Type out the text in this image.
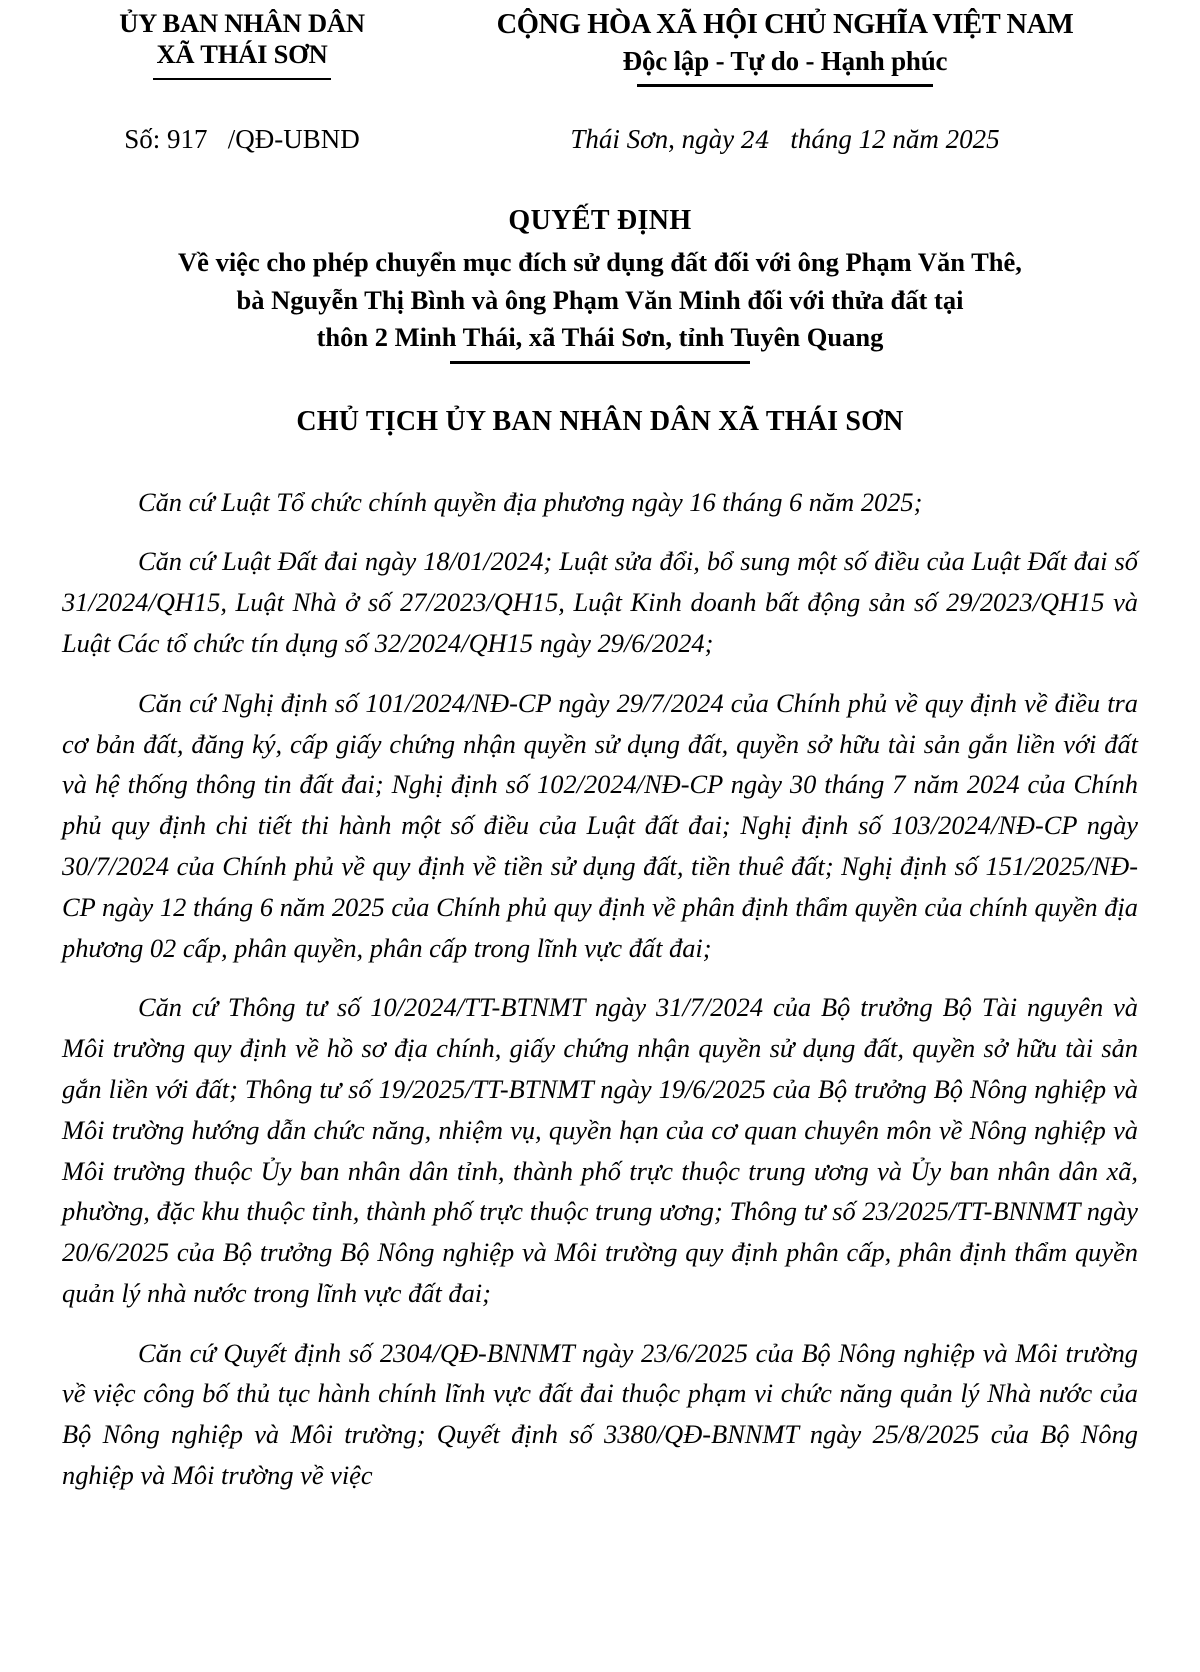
ỦY BAN NHÂN DÂN
XÃ THÁI SƠN
CỘNG HÒA XÃ HỘI CHỦ NGHĨA VIỆT NAM
Độc lập - Tự do - Hạnh phúc
Số: 917   /QĐ-UBND	Thái Sơn, ngày 24   tháng 12 năm 2025
QUYẾT ĐỊNH
Về việc cho phép chuyển mục đích sử dụng đất đối với ông Phạm Văn Thê,
bà Nguyễn Thị Bình và ông Phạm Văn Minh đối với thửa đất tại
thôn 2 Minh Thái, xã Thái Sơn, tỉnh Tuyên Quang
CHỦ TỊCH ỦY BAN NHÂN DÂN XÃ THÁI SƠN

Căn cứ Luật Tổ chức chính quyền địa phương ngày 16 tháng 6 năm 2025;

Căn cứ Luật Đất đai ngày 18/01/2024; Luật sửa đổi, bổ sung một số điều của Luật Đất đai số 31/2024/QH15, Luật Nhà ở số 27/2023/QH15, Luật Kinh doanh bất động sản số 29/2023/QH15 và Luật Các tổ chức tín dụng số 32/2024/QH15 ngày 29/6/2024;

Căn cứ Nghị định số 101/2024/NĐ-CP ngày 29/7/2024 của Chính phủ về quy định về điều tra cơ bản đất, đăng ký, cấp giấy chứng nhận quyền sử dụng đất, quyền sở hữu tài sản gắn liền với đất và hệ thống thông tin đất đai; Nghị định số 102/2024/NĐ-CP ngày 30 tháng 7 năm 2024 của Chính phủ quy định chi tiết thi hành một số điều của Luật đất đai; Nghị định số 103/2024/NĐ-CP ngày 30/7/2024 của Chính phủ về quy định về tiền sử dụng đất, tiền thuê đất; Nghị định số 151/2025/NĐ-CP ngày 12 tháng 6 năm 2025 của Chính phủ quy định về phân định thẩm quyền của chính quyền địa phương 02 cấp, phân quyền, phân cấp trong lĩnh vực đất đai;

Căn cứ Thông tư số 10/2024/TT-BTNMT ngày 31/7/2024 của Bộ trưởng Bộ Tài nguyên và Môi trường quy định về hồ sơ địa chính, giấy chứng nhận quyền sử dụng đất, quyền sở hữu tài sản gắn liền với đất; Thông tư số 19/2025/TT-BTNMT ngày 19/6/2025 của Bộ trưởng Bộ Nông nghiệp và Môi trường hướng dẫn chức năng, nhiệm vụ, quyền hạn của cơ quan chuyên môn về Nông nghiệp và Môi trường thuộc Ủy ban nhân dân tỉnh, thành phố trực thuộc trung ương và Ủy ban nhân dân xã, phường, đặc khu thuộc tỉnh, thành phố trực thuộc trung ương; Thông tư số 23/2025/TT-BNNMT ngày 20/6/2025 của Bộ trưởng Bộ Nông nghiệp và Môi trường quy định phân cấp, phân định thẩm quyền quản lý nhà nước trong lĩnh vực đất đai;

Căn cứ Quyết định số 2304/QĐ-BNNMT ngày 23/6/2025 của Bộ Nông nghiệp và Môi trường về việc công bố thủ tục hành chính lĩnh vực đất đai thuộc phạm vi chức năng quản lý Nhà nước của Bộ Nông nghiệp và Môi trường; Quyết định số 3380/QĐ-BNNMT ngày 25/8/2025 của Bộ Nông nghiệp và Môi trường về việc
